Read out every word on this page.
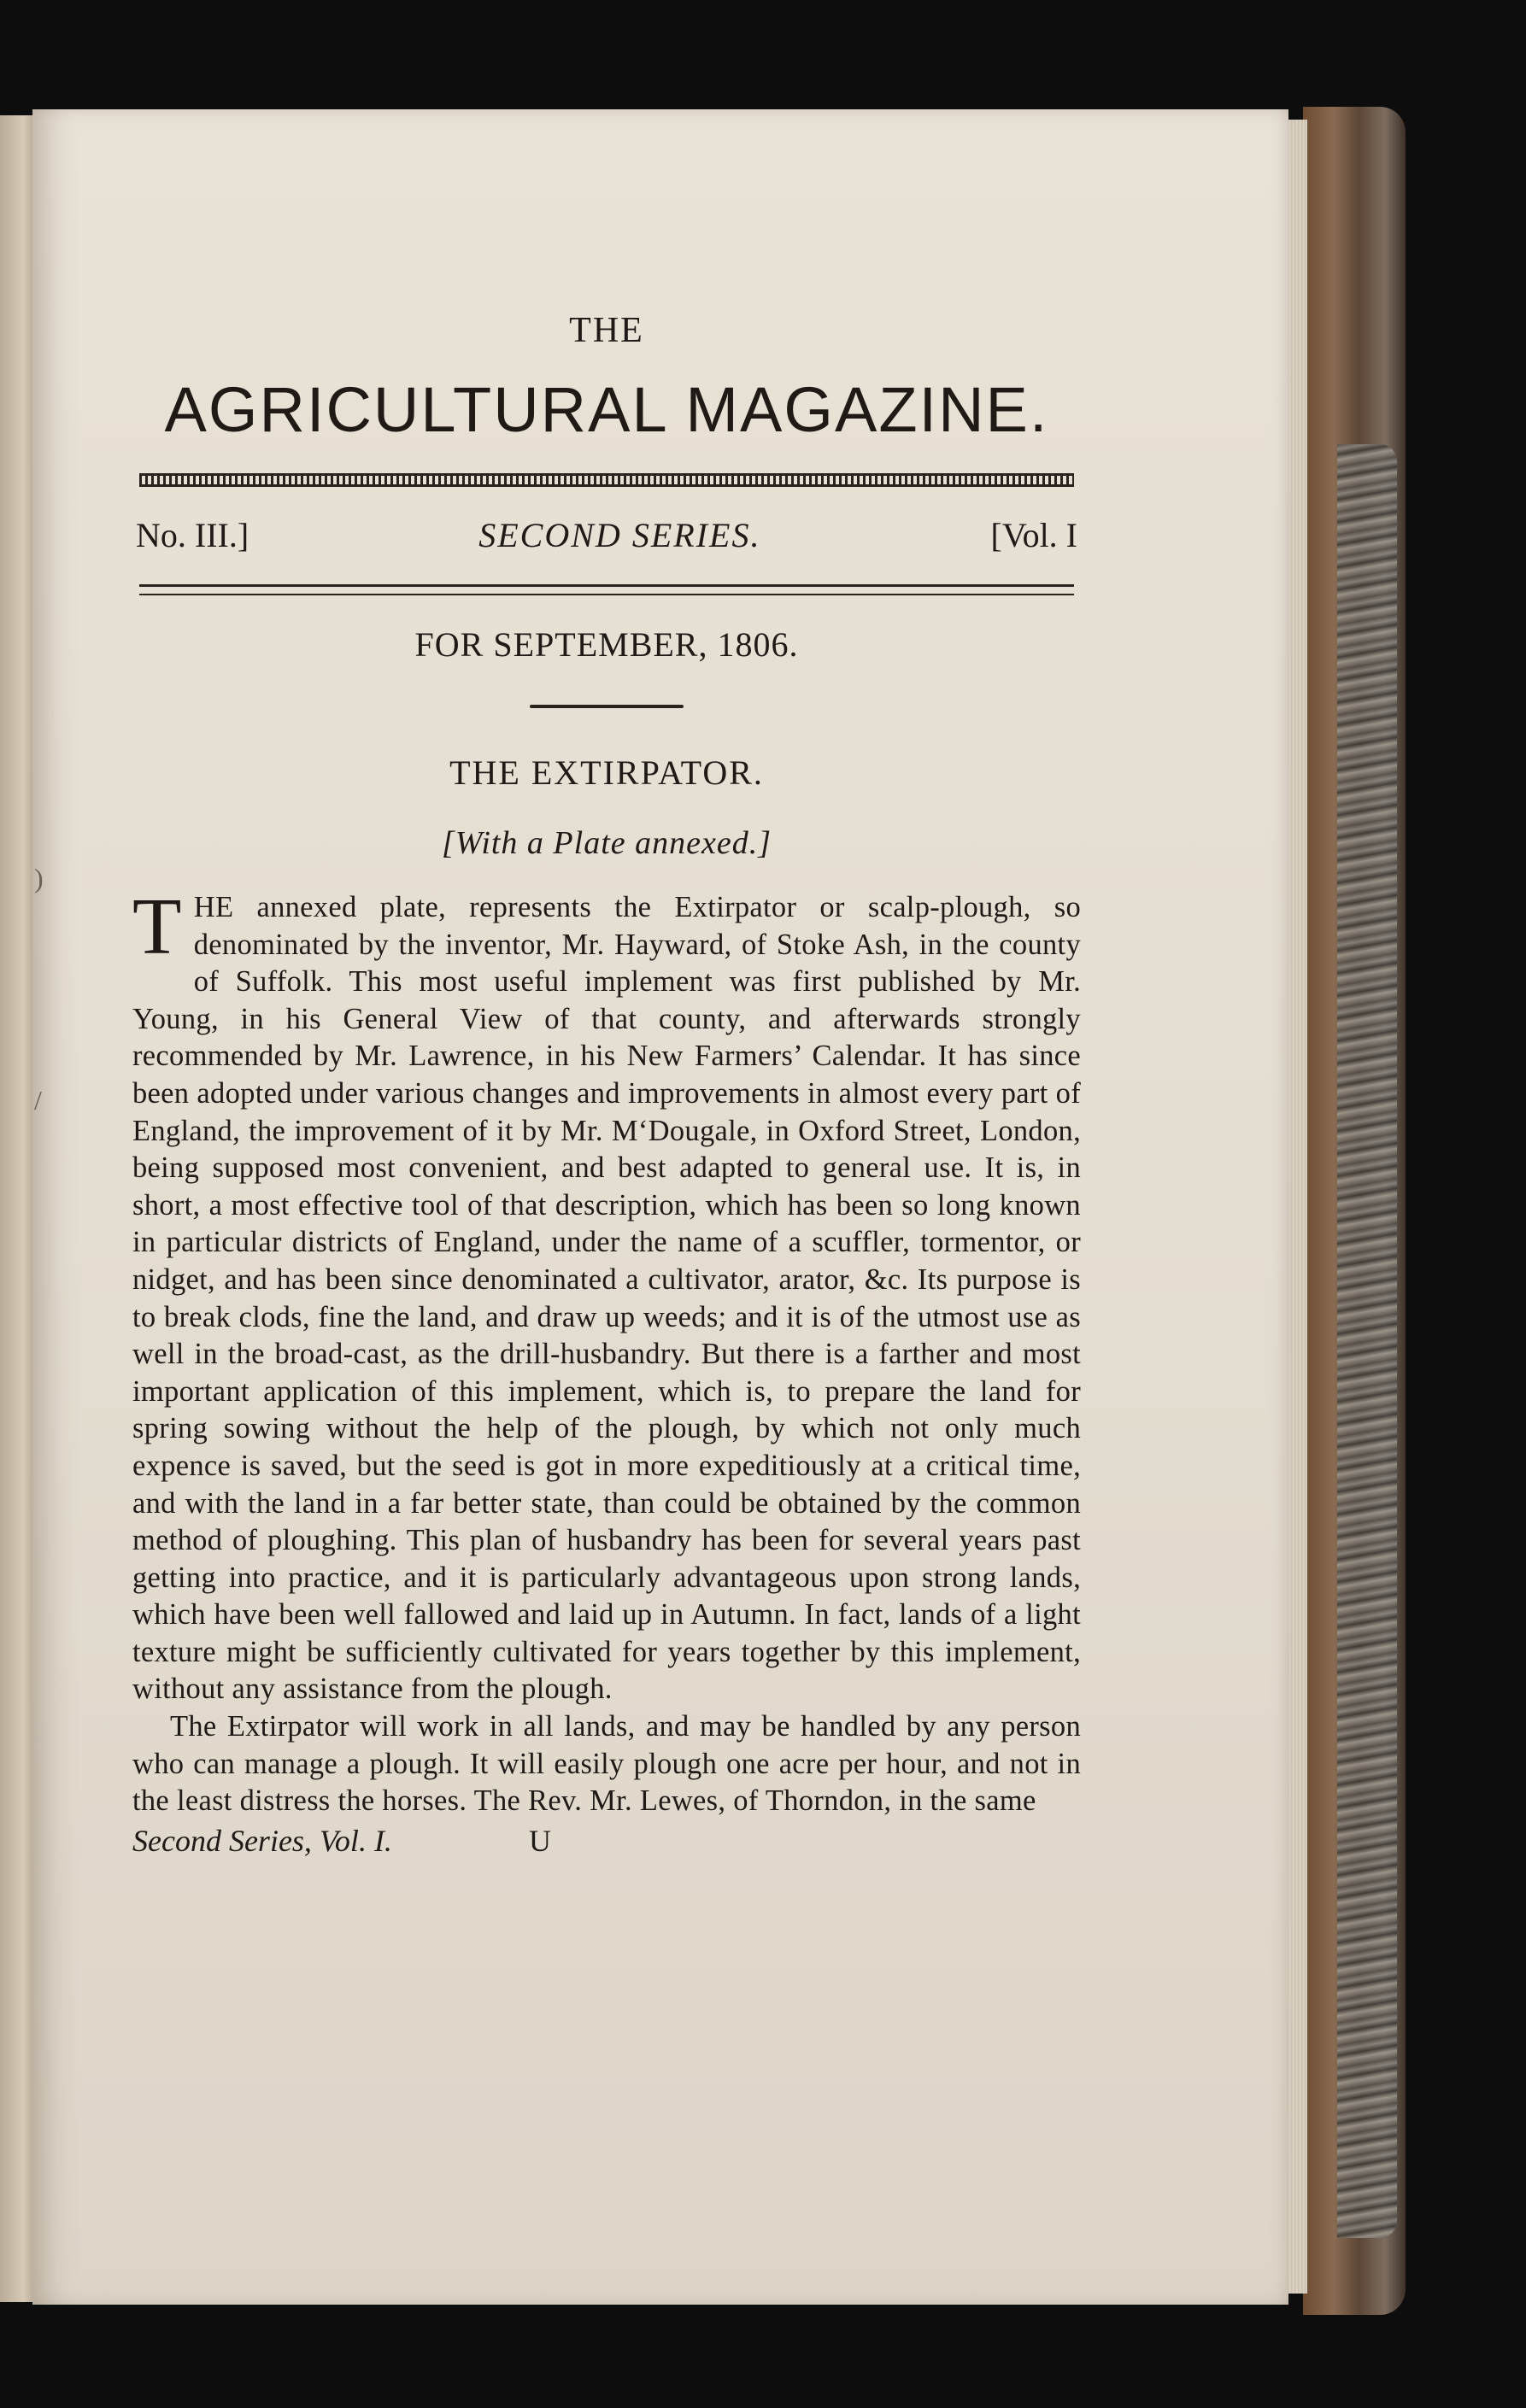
)
/
THE
AGRICULTURAL MAGAZINE.
No. III.]	SECOND SERIES.	[Vol. I
FOR SEPTEMBER, 1806.
THE EXTIRPATOR.
[With a Plate annexed.]

THE annexed plate, represents the Extirpator or scalp-plough, so denominated by the inventor, Mr. Hayward, of Stoke Ash, in the county of Suffolk. This most useful implement was first published by Mr. Young, in his General View of that county, and afterwards strongly recommended by Mr. Lawrence, in his New Farmers’ Calendar. It has since been adopted under various changes and improvements in almost every part of England, the improvement of it by Mr. M‘Dougale, in Oxford Street, London, being supposed most convenient, and best adapted to general use. It is, in short, a most effective tool of that description, which has been so long known in particular districts of England, under the name of a scuffler, tormentor, or nidget, and has been since denominated a cultivator, arator, &c. Its purpose is to break clods, fine the land, and draw up weeds; and it is of the utmost use as well in the broad-cast, as the drill-husbandry. But there is a farther and most important application of this implement, which is, to prepare the land for spring sowing without the help of the plough, by which not only much expence is saved, but the seed is got in more expeditiously at a critical time, and with the land in a far better state, than could be obtained by the common method of ploughing. This plan of husbandry has been for several years past getting into practice, and it is particularly advantageous upon strong lands, which have been well fallowed and laid up in Autumn. In fact, lands of a light texture might be sufficiently cultivated for years together by this implement, without any assistance from the plough.

The Extirpator will work in all lands, and may be handled by any person who can manage a plough. It will easily plough one acre per hour, and not in the least distress the horses. The Rev. Mr. Lewes, of Thorndon, in the same

Second Series, Vol. I.	U
